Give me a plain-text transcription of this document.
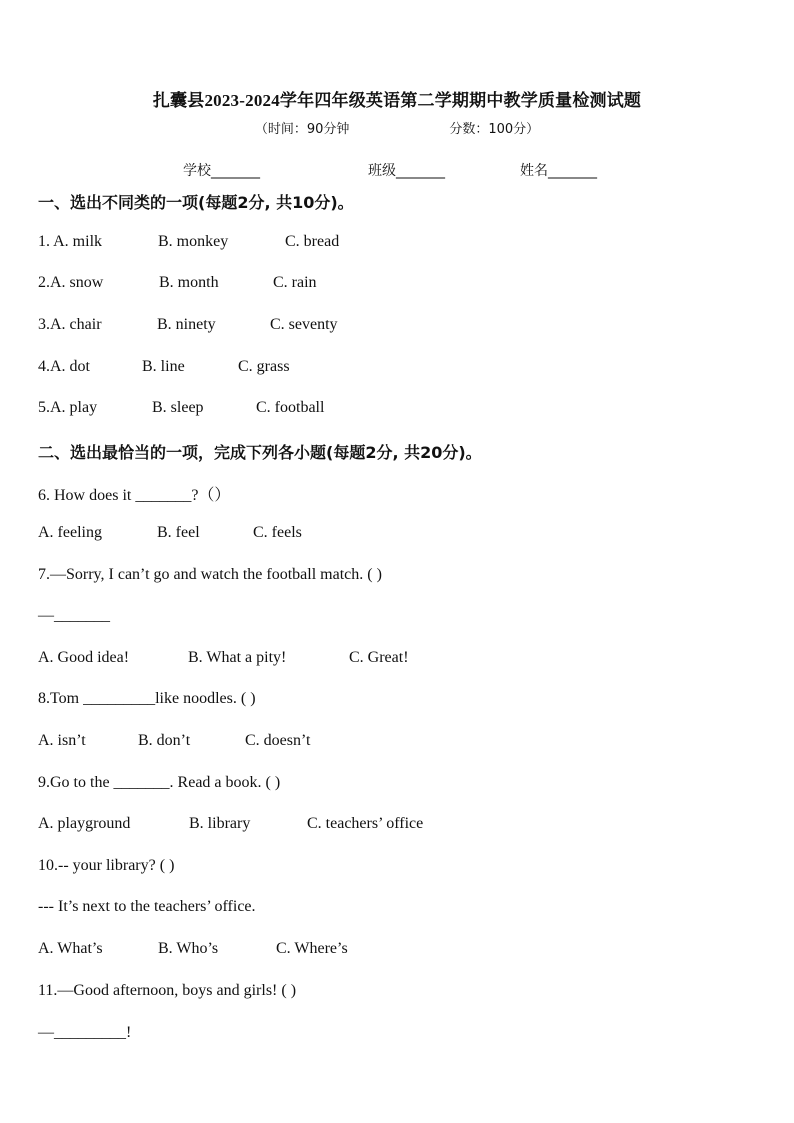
扎囊县2023-2024学年四年级英语第二学期期中教学质量检测试题
（时间：90分钟	分数：100分）
学校_______	班级_______	姓名_______
一、选出不同类的一项(每题2分, 共10分)。
1. A. milk	B. monkey	C. bread
2.A. snow	B. month	C. rain
3.A. chair	B. ninety	C. seventy
4.A. dot	B. line	C. grass
5.A. play	B. sleep	C. football
二、选出最恰当的一项，完成下列各小题(每题2分, 共20分)。
6. How does it _______?（）
A. feeling	B. feel	C. feels
7.—Sorry, I can’t go and watch the football match. ( )
—_______
A. Good idea!	B. What a pity!	C. Great!
8.Tom _________like noodles. ( )
A. isn’t	B. don’t	C. doesn’t
9.Go to the _______. Read a book. ( )
A. playground	B. library	C. teachers’ office
10.-- your library? ( )
--- It’s next to the teachers’ office.
A. What’s	B. Who’s	C. Where’s
11.—Good afternoon, boys and girls! ( )
—_________!
